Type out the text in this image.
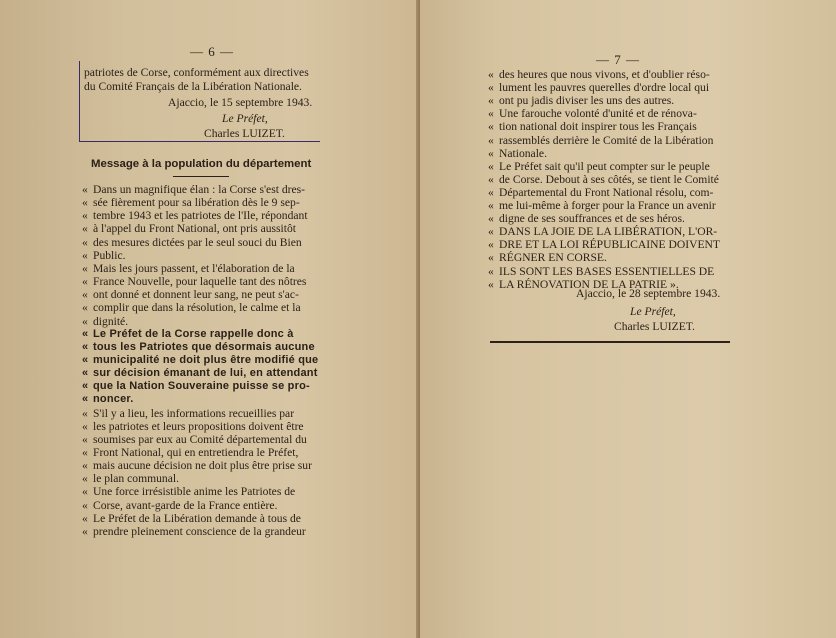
— 6 —

patriotes de Corse, conformément aux directives

du Comité Français de la Libération Nationale.

Ajaccio, le 15 septembre 1943.

Le Préfet,

Charles LUIZET.

Message à la population du département

« Dans un magnifique élan : la Corse s'est dres-

« sée fièrement pour sa libération dès le 9 sep-

« tembre 1943 et les patriotes de l'Ile, répondant

« à l'appel du Front National, ont pris aussitôt

« des mesures dictées par le seul souci du Bien

« Public.

« Mais les jours passent, et l'élaboration de la

« France Nouvelle, pour laquelle tant des nôtres

« ont donné et donnent leur sang, ne peut s'ac-

« complir que dans la résolution, le calme et la

« dignité.

« Le Préfet de la Corse rappelle donc à

« tous les Patriotes que désormais aucune

« municipalité ne doit plus être modifié que

« sur décision émanant de lui, en attendant

« que la Nation Souveraine puisse se pro-

« noncer.

« S'il y a lieu, les informations recueillies par

« les patriotes et leurs propositions doivent être

« soumises par eux au Comité départemental du

« Front National, qui en entretiendra le Préfet,

« mais aucune décision ne doit plus être prise sur

« le plan communal.

« Une force irrésistible anime les Patriotes de

« Corse, avant-garde de la France entière.

« Le Préfet de la Libération demande à tous de

« prendre pleinement conscience de la grandeur

— 7 —

« des heures que nous vivons, et d'oublier réso-

« lument les pauvres querelles d'ordre local qui

« ont pu jadis diviser les uns des autres.

« Une farouche volonté d'unité et de rénova-

« tion national doit inspirer tous les Français

« rassemblés derrière le Comité de la Libération

« Nationale.

« Le Préfet sait qu'il peut compter sur le peuple

« de Corse. Debout à ses côtés, se tient le Comité

« Départemental du Front National résolu, com-

« me lui-même à forger pour la France un avenir

« digne de ses souffrances et de ses héros.

« DANS LA JOIE DE LA LIBÉRATION, L'OR-

« DRE ET LA LOI RÉPUBLICAINE DOIVENT

« RÉGNER EN CORSE.

« ILS SONT LES BASES ESSENTIELLES DE

« LA RÉNOVATION DE LA PATRIE ».

Ajaccio, le 28 septembre 1943.

Le Préfet,

Charles LUIZET.
